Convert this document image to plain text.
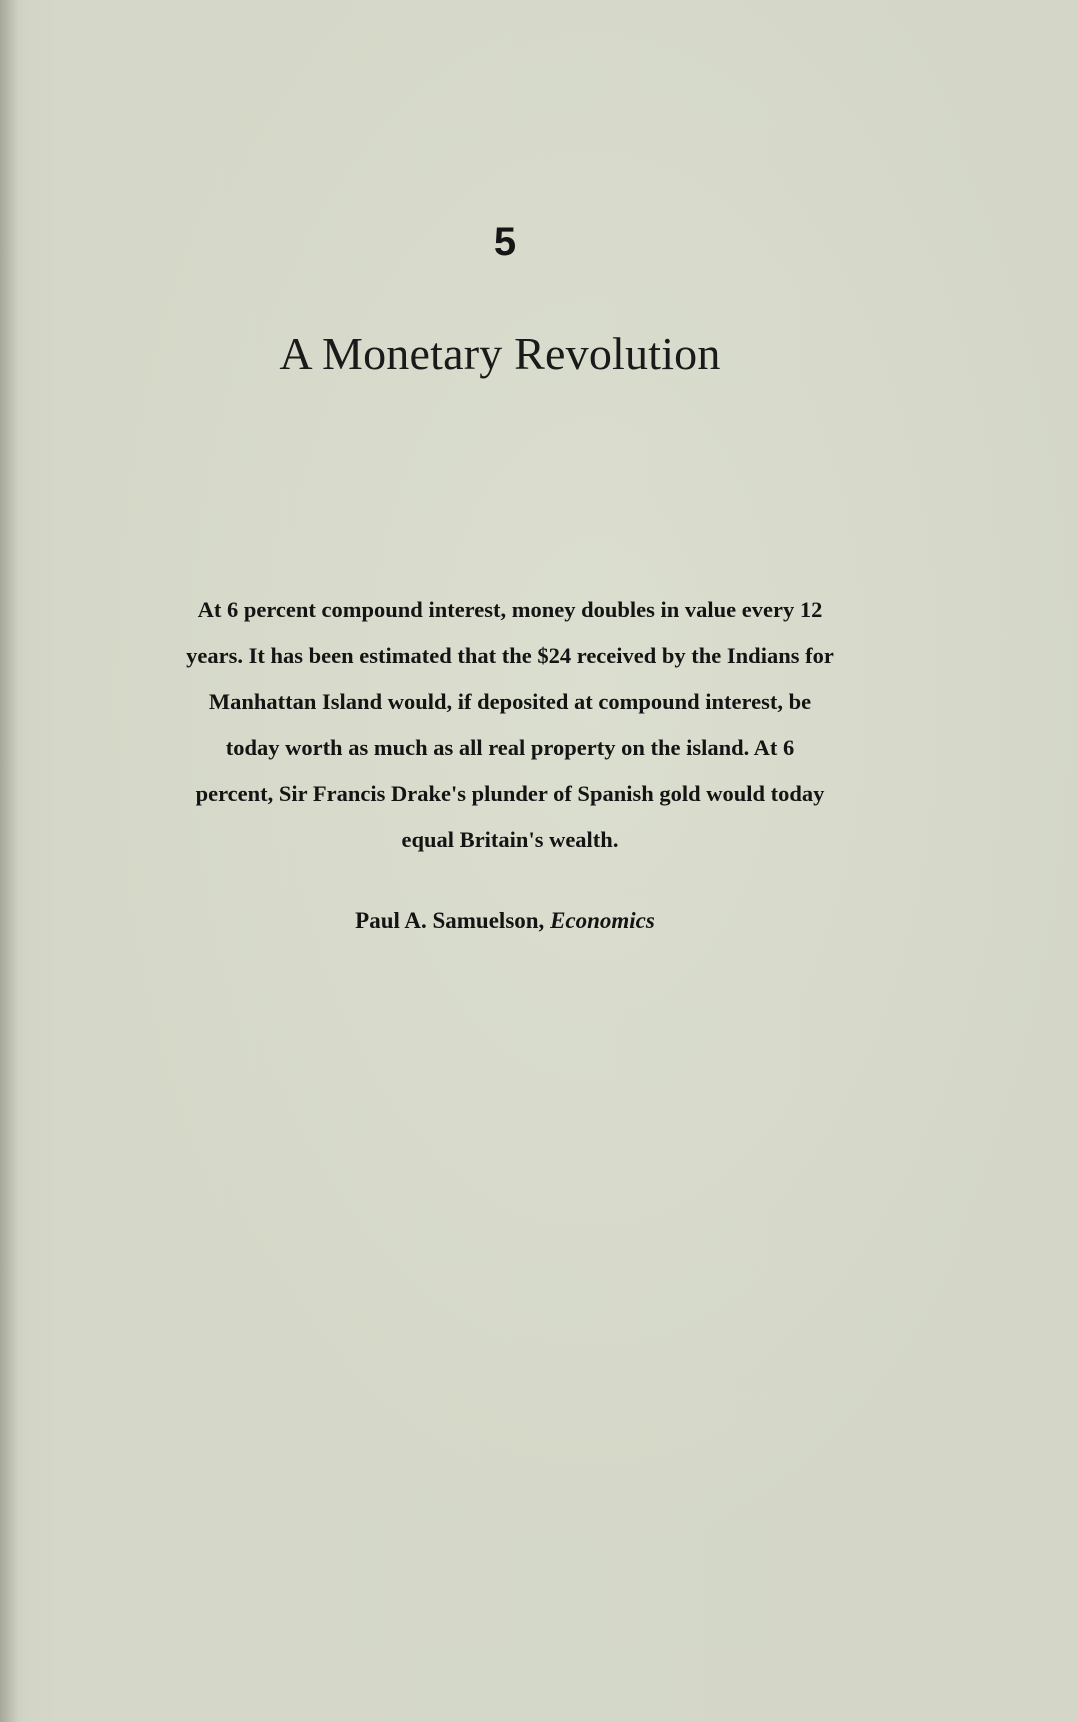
5
A Monetary Revolution
At 6 percent compound interest, money doubles in value every 12
years. It has been estimated that the $24 received by the Indians for
Manhattan Island would, if deposited at compound interest, be
today worth as much as all real property on the island. At 6
percent, Sir Francis Drake's plunder of Spanish gold would today
equal Britain's wealth.
Paul A. Samuelson, Economics
